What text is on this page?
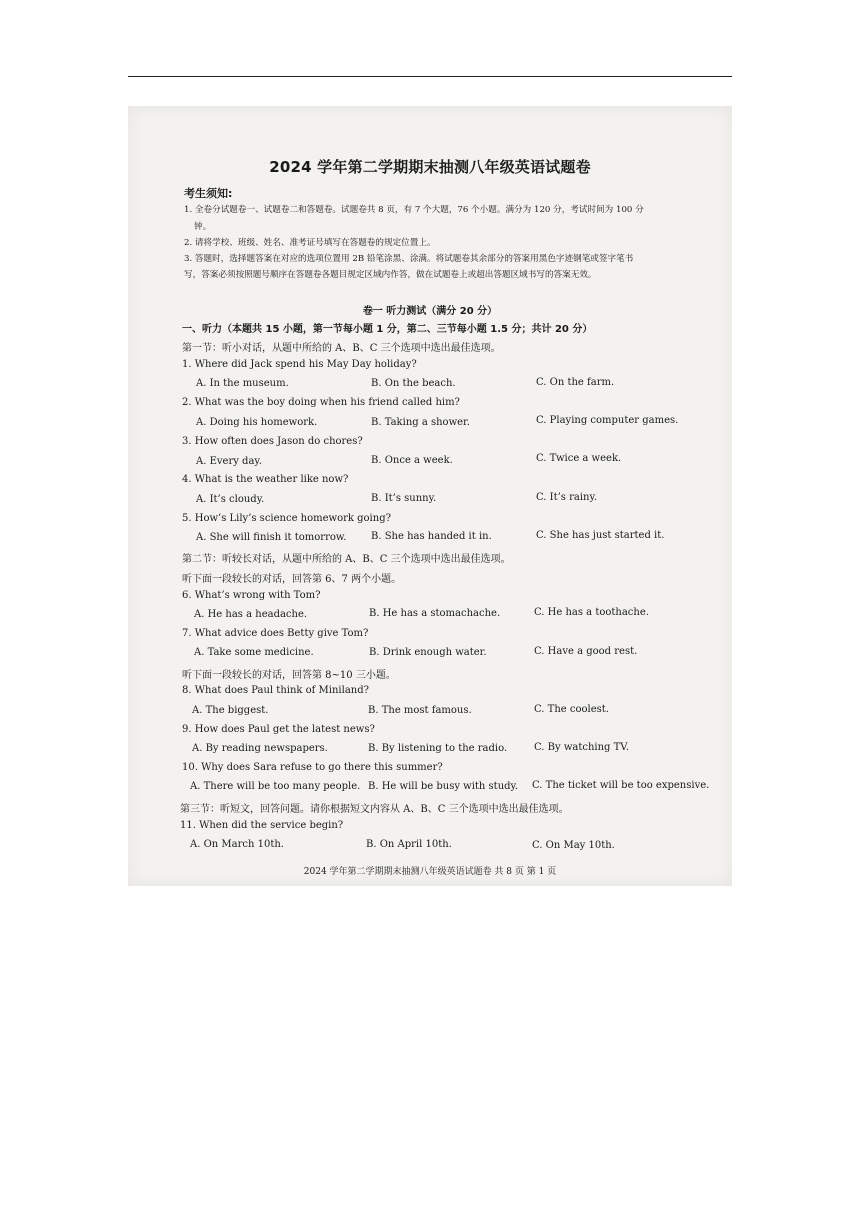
2024 学年第二学期期末抽测八年级英语试题卷
考生须知:
1. 全卷分试题卷一、试题卷二和答题卷。试题卷共 8 页，有 7 个大题，76 个小题。满分为 120 分，考试时间为 100 分
钟。
2. 请将学校、班级、姓名、准考证号填写在答题卷的规定位置上。
3. 答题时，选择题答案在对应的选项位置用 2B 铅笔涂黑、涂满。将试题卷其余部分的答案用黑色字迹钢笔或签字笔书
写，答案必须按照题号顺序在答题卷各题目规定区域内作答，做在试题卷上或超出答题区域书写的答案无效。
卷一 听力测试（满分 20 分）
一、听力（本题共 15 小题，第一节每小题 1 分，第二、三节每小题 1.5 分；共计 20 分）
第一节：听小对话，从题中所给的 A、B、C 三个选项中选出最佳选项。
1. Where did Jack spend his May Day holiday?
A. In the museum.	B. On the beach.	C. On the farm.
2. What was the boy doing when his friend called him?
A. Doing his homework.	B. Taking a shower.	C. Playing computer games.
3. How often does Jason do chores?
A. Every day.	B. Once a week.	C. Twice a week.
4. What is the weather like now?
A. It’s cloudy.	B. It’s sunny.	C. It’s rainy.
5. How’s Lily’s science homework going?
A. She will finish it tomorrow. B. She has handed it in.	C. She has just started it.
第二节：听较长对话，从题中所给的 A、B、C 三个选项中选出最佳选项。
听下面一段较长的对话，回答第 6、7 两个小题。
6. What’s wrong with Tom?
A. He has a headache.	B. He has a stomachache.	C. He has a toothache.
7. What advice does Betty give Tom?
A. Take some medicine.	B. Drink enough water.	C. Have a good rest.
听下面一段较长的对话，回答第 8~10 三小题。
8. What does Paul think of Miniland?
A. The biggest.	B. The most famous.	C. The coolest.
9. How does Paul get the latest news?
A. By reading newspapers.	B. By listening to the radio.	C. By watching TV.
10. Why does Sara refuse to go there this summer?
A. There will be too many people. B. He will be busy with study. C. The ticket will be too expensive.
第三节：听短文，回答问题。请你根据短文内容从 A、B、C 三个选项中选出最佳选项。
11. When did the service begin?
A. On March 10th.	B. On April 10th.	C. On May 10th.
2024 学年第二学期期末抽测八年级英语试题卷 共 8 页 第 1 页
